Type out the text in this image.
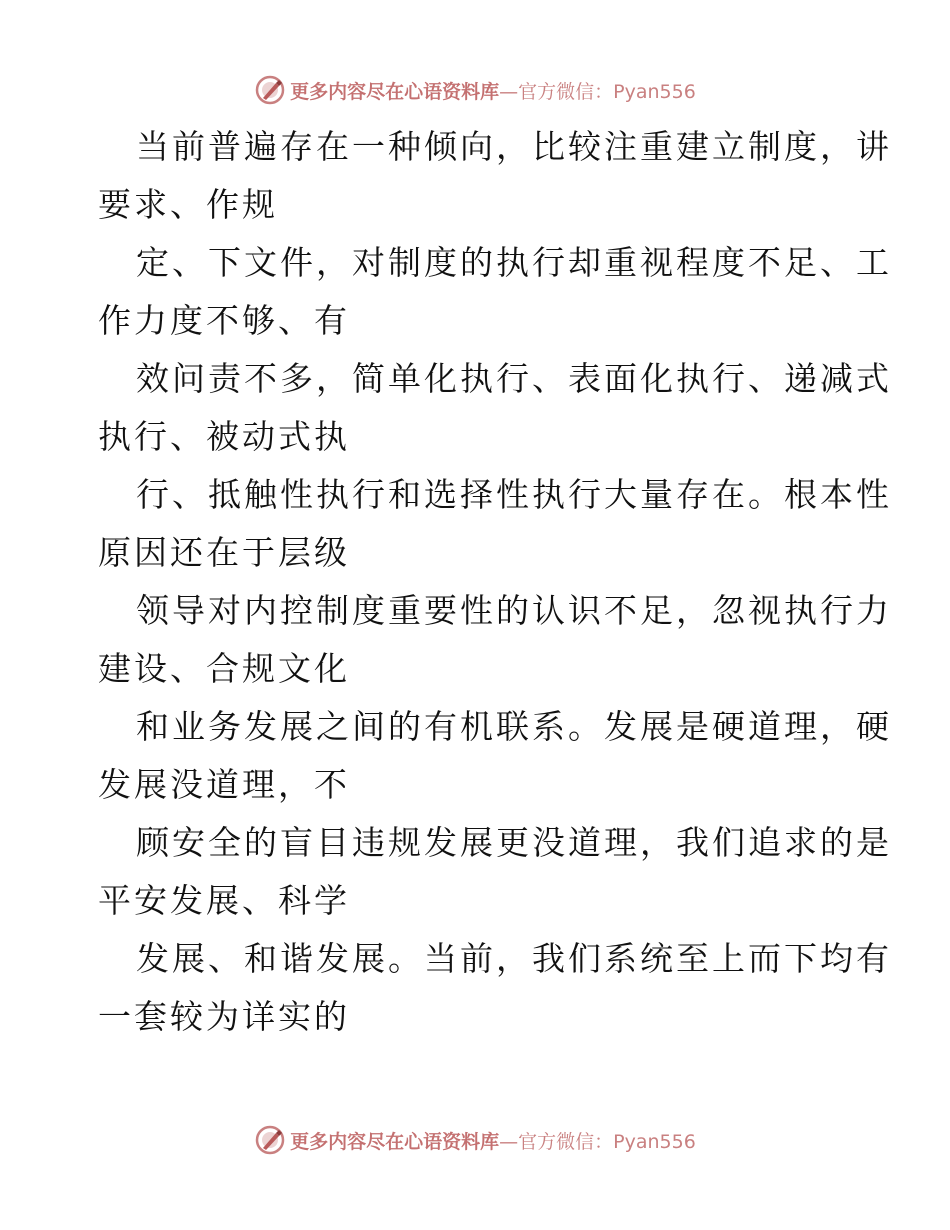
更多内容尽在心语资料库—官方微信：Pyan556
当前普遍存在一种倾向，比较注重建立制度，讲
要求、作规
定、下文件，对制度的执行却重视程度不足、工
作力度不够、有
效问责不多，简单化执行、表面化执行、递减式
执行、被动式执
行、抵触性执行和选择性执行大量存在。根本性
原因还在于层级
领导对内控制度重要性的认识不足，忽视执行力
建设、合规文化
和业务发展之间的有机联系。发展是硬道理，硬
发展没道理，不
顾安全的盲目违规发展更没道理，我们追求的是
平安发展、科学
发展、和谐发展。当前，我们系统至上而下均有
一套较为详实的
更多内容尽在心语资料库—官方微信：Pyan556
